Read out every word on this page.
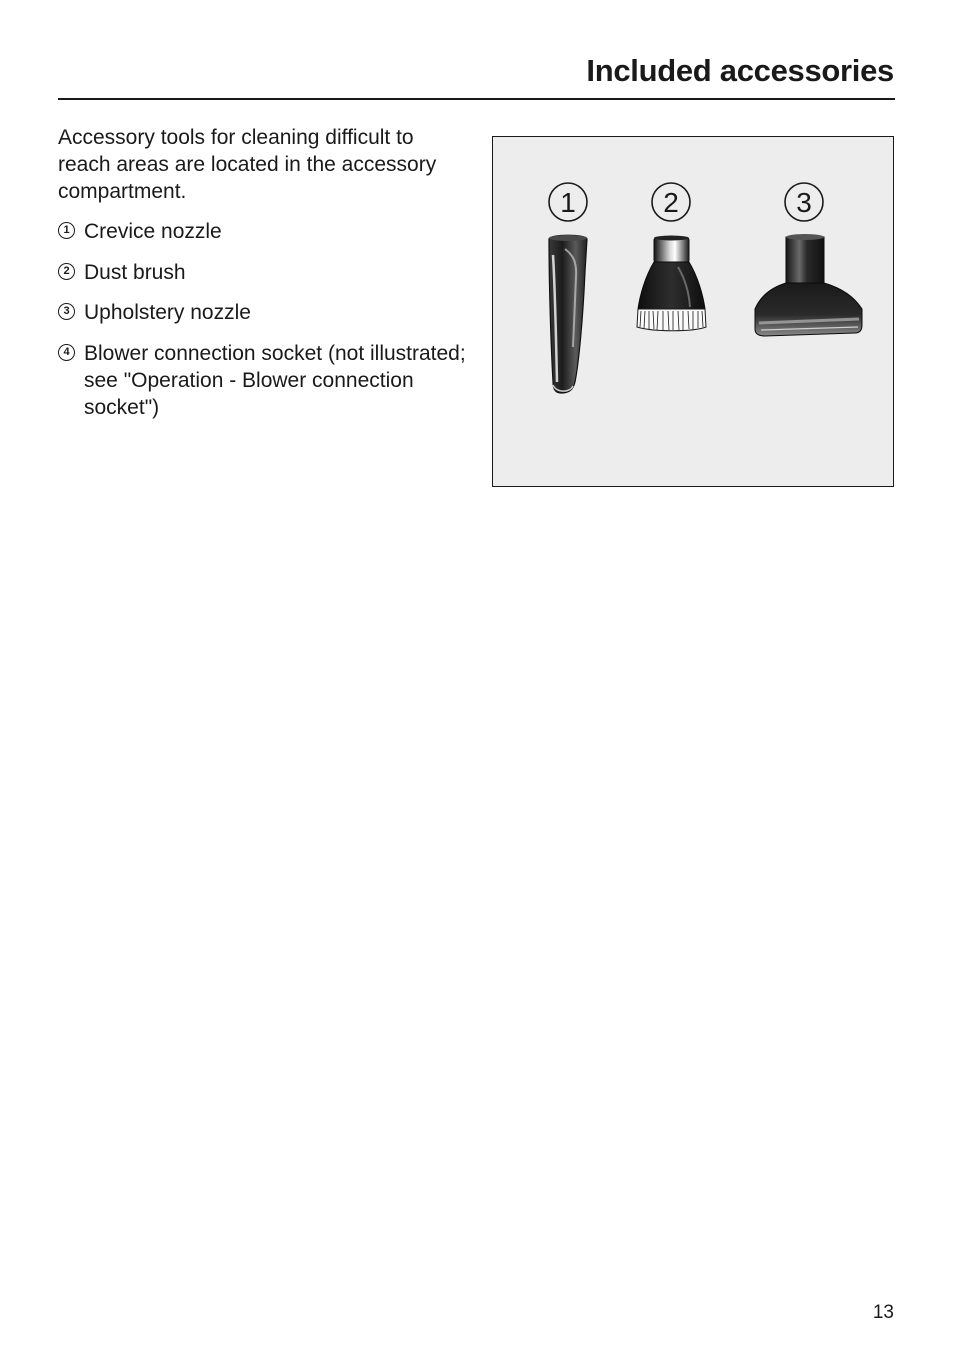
Included accessories

Accessory tools for cleaning difficult to reach areas are located in the accessory compartment.

1 Crevice nozzle
2 Dust brush
3 Upholstery nozzle
4 Blower connection socket (not illustrated; see "Operation - Blower connection socket")
1	2	3
13
